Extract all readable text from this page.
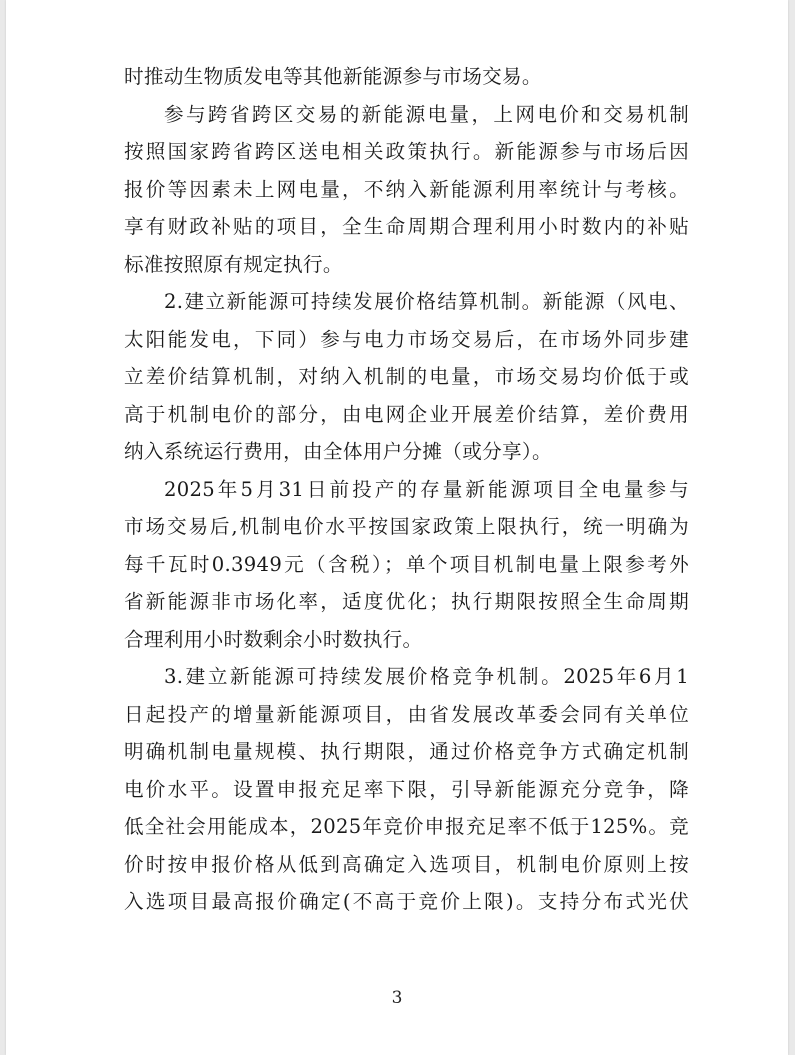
时推动生物质发电等其他新能源参与市场交易。
参与跨省跨区交易的新能源电量，上网电价和交易机制
按照国家跨省跨区送电相关政策执行。新能源参与市场后因
报价等因素未上网电量，不纳入新能源利用率统计与考核。
享有财政补贴的项目，全生命周期合理利用小时数内的补贴
标准按照原有规定执行。
2.建立新能源可持续发展价格结算机制。新能源（风电、
太阳能发电，下同）参与电力市场交易后，在市场外同步建
立差价结算机制，对纳入机制的电量，市场交易均价低于或
高于机制电价的部分，由电网企业开展差价结算，差价费用
纳入系统运行费用，由全体用户分摊（或分享）。
2025年5月31日前投产的存量新能源项目全电量参与
市场交易后,机制电价水平按国家政策上限执行，统一明确为
每千瓦时0.3949元（含税）；单个项目机制电量上限参考外
省新能源非市场化率，适度优化；执行期限按照全生命周期
合理利用小时数剩余小时数执行。
3.建立新能源可持续发展价格竞争机制。2025年6月1
日起投产的增量新能源项目，由省发展改革委会同有关单位
明确机制电量规模、执行期限，通过价格竞争方式确定机制
电价水平。设置申报充足率下限，引导新能源充分竞争，降
低全社会用能成本，2025年竞价申报充足率不低于125%。竞
价时按申报价格从低到高确定入选项目，机制电价原则上按
入选项目最高报价确定(不高于竞价上限)。支持分布式光伏
3
